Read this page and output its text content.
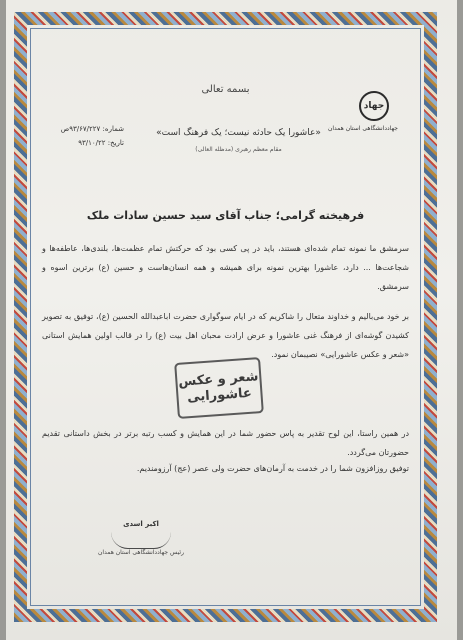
بسمه تعالی
جهاد
جهاددانشگاهی استان همدان
شماره: ۹۳/۶۷/۲۲۷ص
تاریخ: ۹۳/۱۰/۲۲
«عاشورا یک حادثه نیست؛ یک فرهنگ است»
مقام معظم رهبری (مدظله العالی)
فرهیخته گرامی؛ جناب آقای سید حسین سادات ملک
سرمشق ما نمونه تمام شده‌ای هستند، باید در پی کسی بود که حرکتش تمام عظمت‌ها، بلندی‌ها، عاطفه‌ها و شجاعت‌ها ... دارد، عاشورا بهترین نمونه برای همیشه و همه انسان‌هاست و حسین (ع) برترین اسوه و سرمشق.
بر خود می‌بالیم و خداوند متعال را شاکریم که در ایام سوگواری حضرت اباعبدالله الحسین (ع)، توفیق به تصویر کشیدن گوشه‌ای از فرهنگ غنی عاشورا و عرض ارادت محبان اهل بیت (ع) را در قالب اولین همایش استانی «شعر و عکس عاشورایی» نصیبمان نمود.
شعر و عکس عاشورایی
در همین راستا، این لوح تقدیر به پاس حضور شما در این همایش و کسب رتبه برتر در بخش داستانی تقدیم حضورتان می‌گردد.
توفیق روزافزون شما را در خدمت به آرمان‌های حضرت ولی عصر (عج) آرزومندیم.
اکبر اسدی
رئیس جهاددانشگاهی استان همدان
